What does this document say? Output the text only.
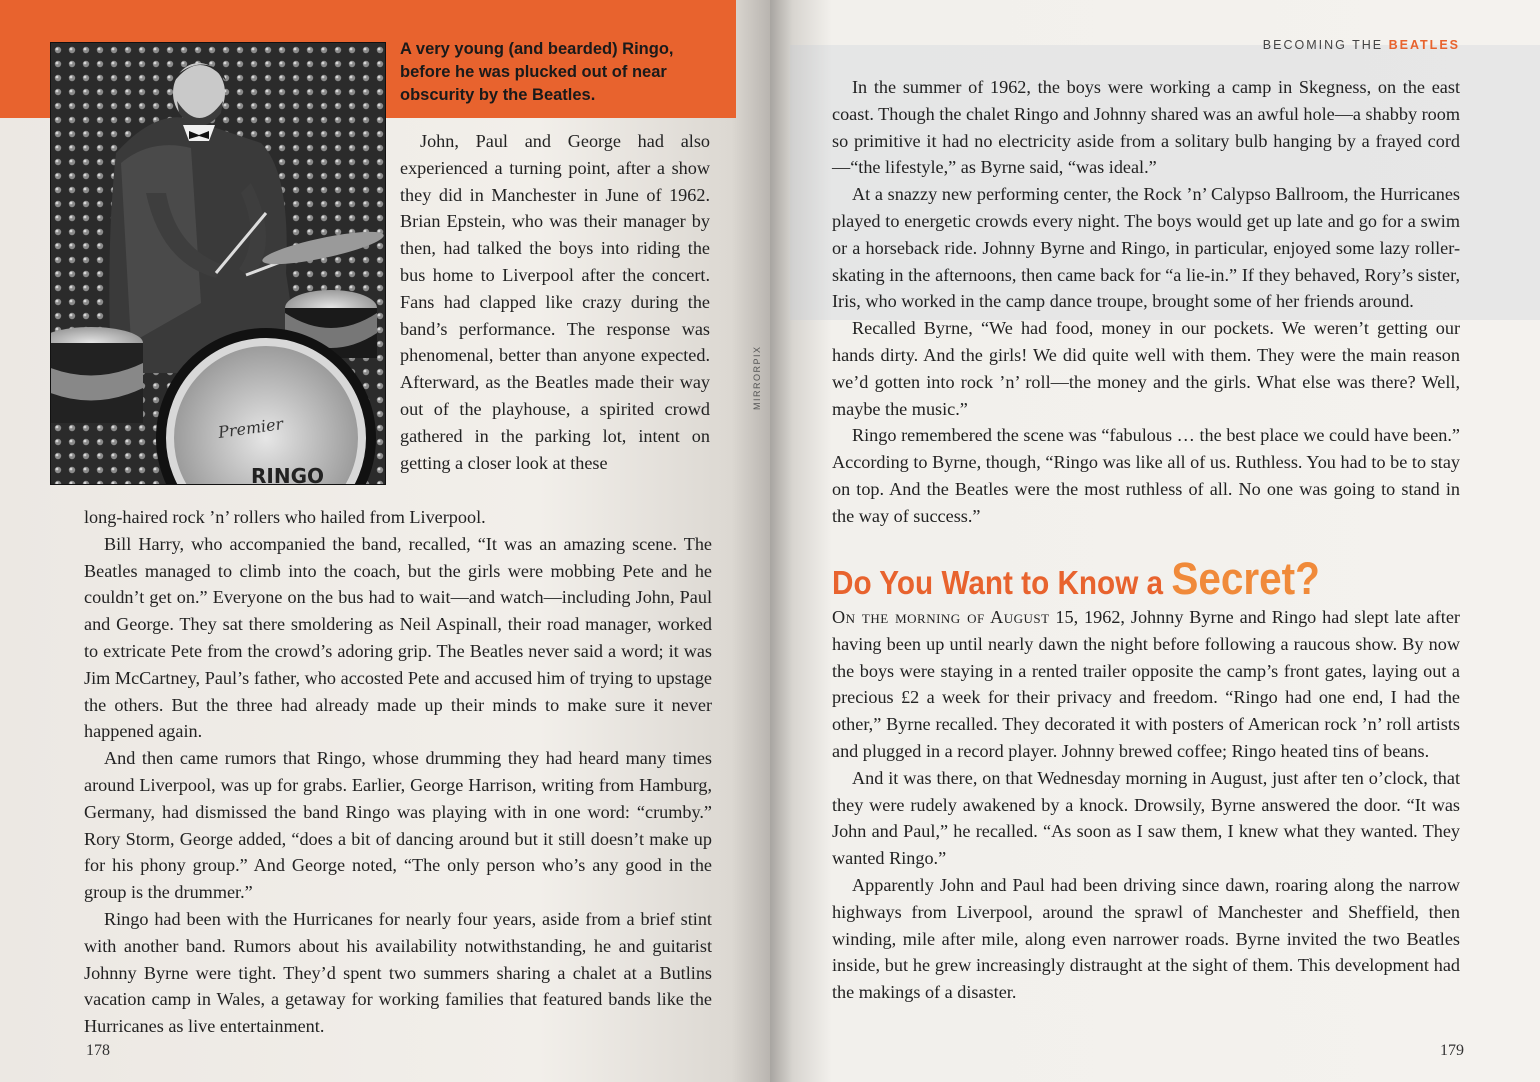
A very young (and bearded) Ringo, before he was plucked out of near obscurity by the Beatles.
Premier
RINGO

John, Paul and George had also experienced a turning point, after a show they did in Manchester in June of 1962. Brian Epstein, who was their manager by then, had talked the boys into riding the bus home to Liverpool after the concert. Fans had clapped like crazy during the band’s performance. The response was phenomenal, better than anyone expected. Afterward, as the Beatles made their way out of the playhouse, a spirited crowd gathered in the parking lot, intent on getting a closer look at these

long-haired rock ’n’ rollers who hailed from Liverpool.

Bill Harry, who accompanied the band, recalled, “It was an amazing scene. The Beatles managed to climb into the coach, but the girls were mobbing Pete and he couldn’t get on.” Everyone on the bus had to wait—and watch—including John, Paul and George. They sat there smoldering as Neil Aspinall, their road manager, worked to extricate Pete from the crowd’s adoring grip. The Beatles never said a word; it was Jim McCartney, Paul’s father, who accosted Pete and accused him of trying to upstage the others. But the three had already made up their minds to make sure it never happened again.

And then came rumors that Ringo, whose drumming they had heard many times around Liverpool, was up for grabs. Earlier, George Harrison, writing from Hamburg, Germany, had dismissed the band Ringo was playing with in one word: “crumby.” Rory Storm, George added, “does a bit of dancing around but it still doesn’t make up for his phony group.” And George noted, “The only person who’s any good in the group is the drummer.”

Ringo had been with the Hurricanes for nearly four years, aside from a brief stint with another band. Rumors about his availability notwithstanding, he and guitarist Johnny Byrne were tight. They’d spent two summers sharing a chalet at a Butlins vacation camp in Wales, a getaway for working families that featured bands like the Hurricanes as live entertainment.

178
MIRRORPIX
BECOMING THE BEATLES

In the summer of 1962, the boys were working a camp in Skegness, on the east coast. Though the chalet Ringo and Johnny shared was an awful hole—a shabby room so primitive it had no electricity aside from a solitary bulb hanging by a frayed cord—“the lifestyle,” as Byrne said, “was ideal.”

At a snazzy new performing center, the Rock ’n’ Calypso Ballroom, the Hurricanes played to energetic crowds every night. The boys would get up late and go for a swim or a horseback ride. Johnny Byrne and Ringo, in particular, enjoyed some lazy roller-skating in the afternoons, then came back for “a lie-in.” If they behaved, Rory’s sister, Iris, who worked in the camp dance troupe, brought some of her friends around.

Recalled Byrne, “We had food, money in our pockets. We weren’t getting our hands dirty. And the girls! We did quite well with them. They were the main reason we’d gotten into rock ’n’ roll—the money and the girls. What else was there? Well, maybe the music.”

Ringo remembered the scene was “fabulous … the best place we could have been.” According to Byrne, though, “Ringo was like all of us. Ruthless. You had to be to stay on top. And the Beatles were the most ruthless of all. No one was going to stand in the way of success.”

Do You Want to Know a Secret?

On the morning of August 15, 1962, Johnny Byrne and Ringo had slept late after having been up until nearly dawn the night before following a raucous show. By now the boys were staying in a rented trailer opposite the camp’s front gates, laying out a precious £2 a week for their privacy and freedom. “Ringo had one end, I had the other,” Byrne recalled. They decorated it with posters of American rock ’n’ roll artists and plugged in a record player. Johnny brewed coffee; Ringo heated tins of beans.

And it was there, on that Wednesday morning in August, just after ten o’clock, that they were rudely awakened by a knock. Drowsily, Byrne answered the door. “It was John and Paul,” he recalled. “As soon as I saw them, I knew what they wanted. They wanted Ringo.”

Apparently John and Paul had been driving since dawn, roaring along the narrow highways from Liverpool, around the sprawl of Manchester and Sheffield, then winding, mile after mile, along even narrower roads. Byrne invited the two Beatles inside, but he grew increasingly distraught at the sight of them. This development had the makings of a disaster.

179
